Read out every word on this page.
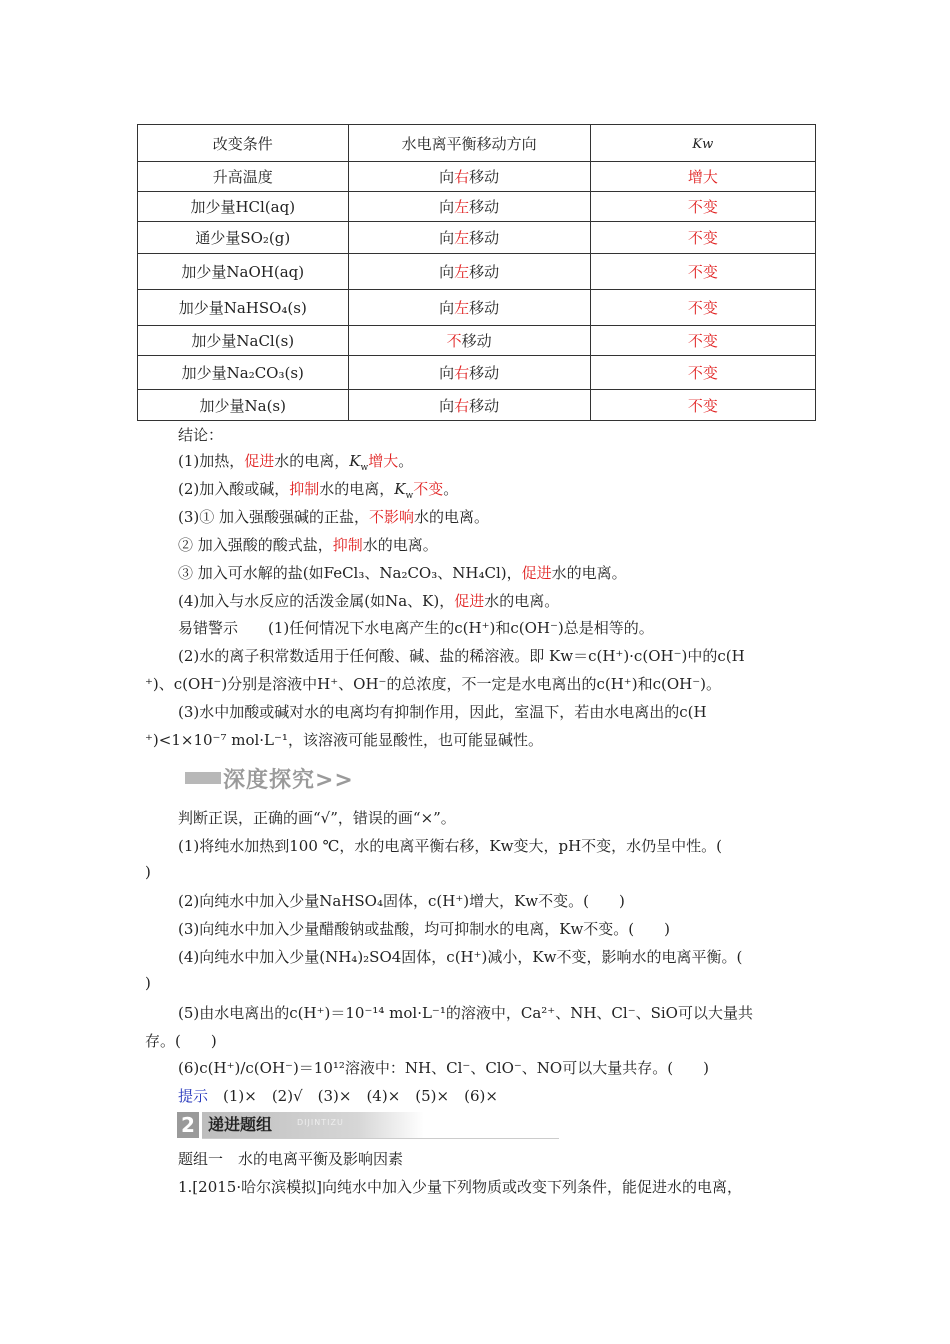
改变条件	水电离平衡移动方向	Kw
升高温度	向右移动	增大
加少量HCl(aq)	向左移动	不变
通少量SO₂(g)	向左移动	不变
加少量NaOH(aq)	向左移动	不变
加少量NaHSO₄(s)	向左移动	不变
加少量NaCl(s)	不移动	不变
加少量Na₂CO₃(s)	向右移动	不变
加少量Na(s)	向右移动	不变
结论：
(1)加热，促进水的电离，$K_w$增大。
(2)加入酸或碱，抑制水的电离，$K_w$不变。
(3)① 加入强酸强碱的正盐，不影响水的电离。
② 加入强酸的酸式盐，抑制水的电离。
③ 加入可水解的盐(如FeCl₃、Na₂CO₃、NH₄Cl)，促进水的电离。
(4)加入与水反应的活泼金属(如Na、K)，促进水的电离。
易错警示　　(1)任何情况下水电离产生的c(H⁺)和c(OH⁻)总是相等的。
(2)水的离子积常数适用于任何酸、碱、盐的稀溶液。即 Kw＝c(H⁺)·c(OH⁻)中的c(H
⁺)、c(OH⁻)分别是溶液中H⁺、OH⁻的总浓度，不一定是水电离出的c(H⁺)和c(OH⁻)。
(3)水中加酸或碱对水的电离均有抑制作用，因此，室温下，若由水电离出的c(H
⁺)<1×10⁻⁷ mol·L⁻¹，该溶液可能显酸性，也可能显碱性。
深度探究>>
判断正误，正确的画“√”，错误的画“×”。
(1)将纯水加热到100 ℃，水的电离平衡右移，Kw变大，pH不变，水仍呈中性。(
)
(2)向纯水中加入少量NaHSO₄固体，c(H⁺)增大，Kw不变。(　　)
(3)向纯水中加入少量醋酸钠或盐酸，均可抑制水的电离，Kw不变。(　　)
(4)向纯水中加入少量(NH₄)₂SO4固体，c(H⁺)减小，Kw不变，影响水的电离平衡。(
)
(5)由水电离出的c(H⁺)＝10⁻¹⁴ mol·L⁻¹的溶液中，Ca²⁺、NH、Cl⁻、SiO可以大量共
存。(　　)
(6)c(H⁺)/c(OH⁻)＝10¹²溶液中：NH、Cl⁻、ClO⁻、NO可以大量共存。(　　)
提示　(1)×　(2)√　(3)×　(4)×　(5)×　(6)×
2 递进题组	DIJINTIZU
题组一　水的电离平衡及影响因素
1.[2015·哈尔滨模拟]向纯水中加入少量下列物质或改变下列条件，能促进水的电离，
